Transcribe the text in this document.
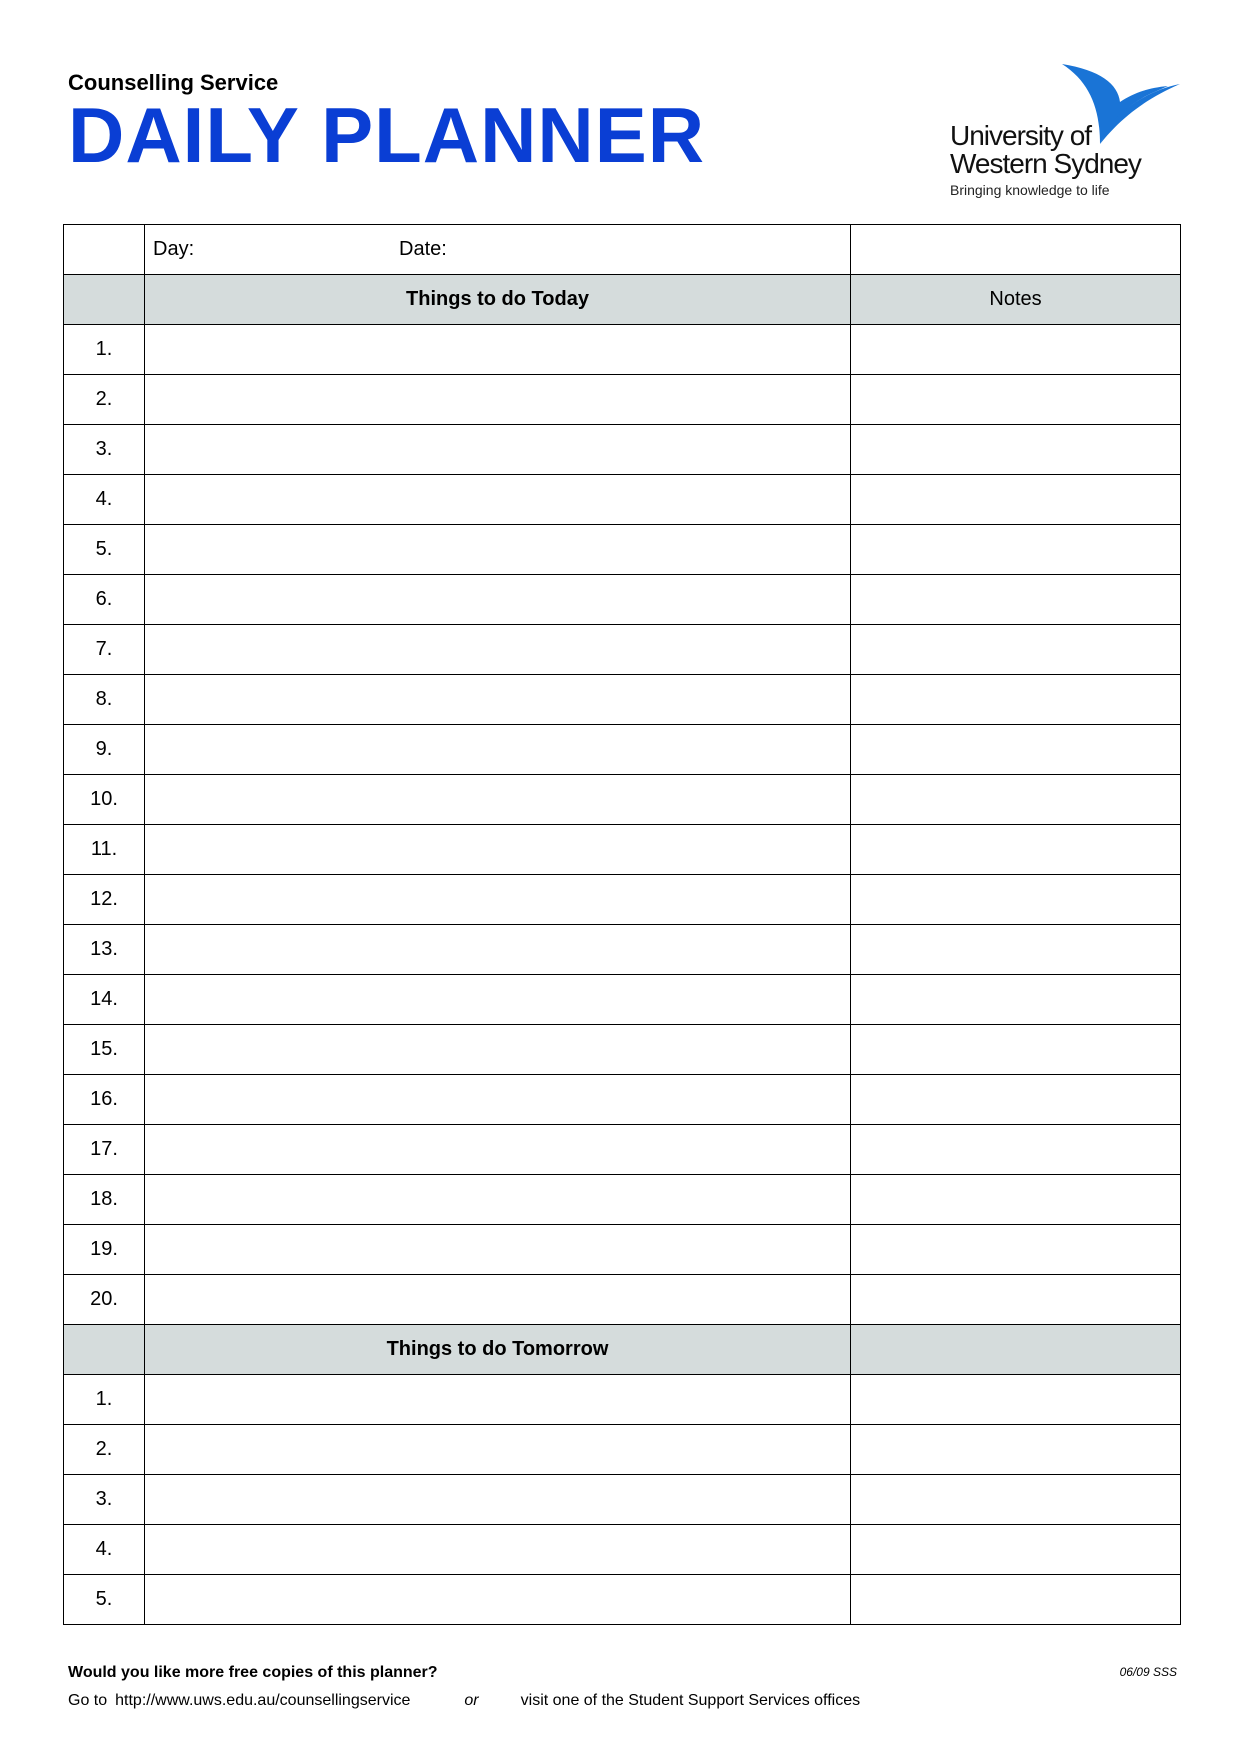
Counselling Service
DAILY PLANNER	University of
Western Sydney
Bringing knowledge to life
	Day: Date:	
	Things to do Today	Notes
1.		
2.		
3.		
4.		
5.		
6.		
7.		
8.		
9.		
10.		
11.		
12.		
13.		
14.		
15.		
16.		
17.		
18.		
19.		
20.		
	Things to do Tomorrow	
1.		
2.		
3.		
4.		
5.		
Would you like more free copies of this planner?	06/09 SSS
Go to http://www.uws.edu.au/counsellingservice	or	visit one of the Student Support Services offices
